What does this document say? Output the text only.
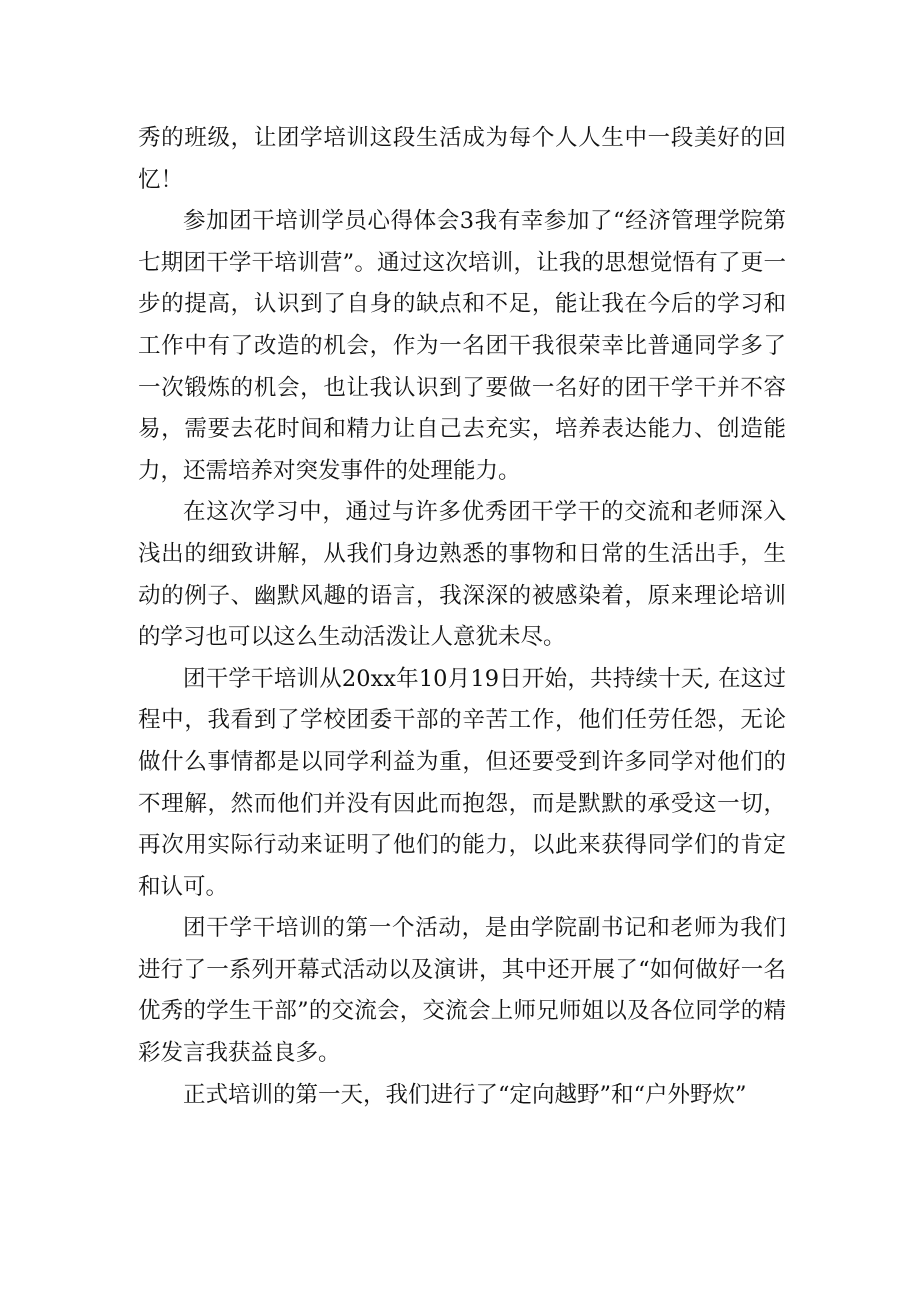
秀的班级，让团学培训这段生活成为每个人人生中一段美好的回忆！

参加团干培训学员心得体会3我有幸参加了“经济管理学院第七期团干学干培训营”。通过这次培训，让我的思想觉悟有了更一步的提高，认识到了自身的缺点和不足，能让我在今后的学习和工作中有了改造的机会，作为一名团干我很荣幸比普通同学多了一次锻炼的机会，也让我认识到了要做一名好的团干学干并不容易，需要去花时间和精力让自己去充实，培养表达能力、创造能力，还需培养对突发事件的处理能力。

在这次学习中，通过与许多优秀团干学干的交流和老师深入浅出的细致讲解，从我们身边熟悉的事物和日常的生活出手，生动的例子、幽默风趣的语言，我深深的被感染着，原来理论培训的学习也可以这么生动活泼让人意犹未尽。

团干学干培训从20xx年10月19日开始，共持续十天, 在这过程中，我看到了学校团委干部的辛苦工作，他们任劳任怨，无论做什么事情都是以同学利益为重，但还要受到许多同学对他们的不理解，然而他们并没有因此而抱怨，而是默默的承受这一切，再次用实际行动来证明了他们的能力，以此来获得同学们的肯定和认可。

团干学干培训的第一个活动，是由学院副书记和老师为我们进行了一系列开幕式活动以及演讲，其中还开展了“如何做好一名优秀的学生干部”的交流会，交流会上师兄师姐以及各位同学的精彩发言我获益良多。

正式培训的第一天，我们进行了“定向越野”和“户外野炊”
